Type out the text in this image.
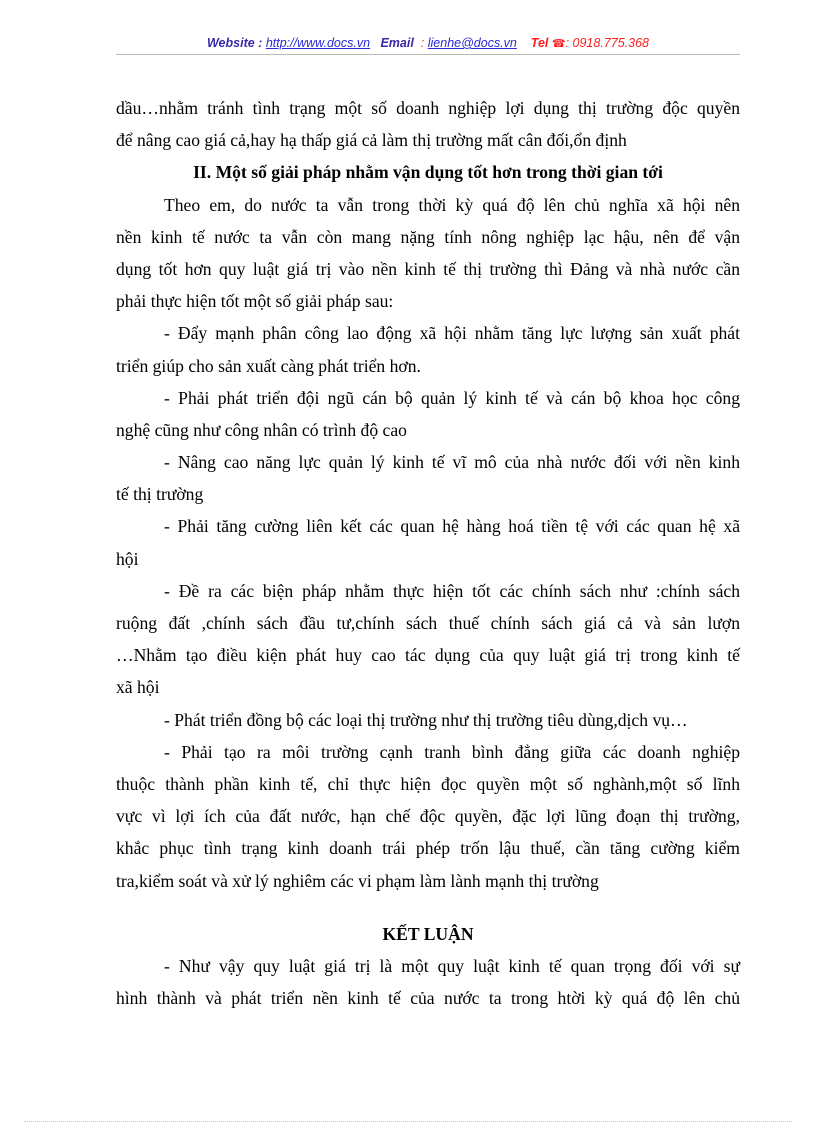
Website : http://www.docs.vn Email : lienhe@docs.vn Tel ☎: 0918.775.368
dầu…nhằm tránh tình trạng một số doanh nghiệp lợi dụng thị trường độc quyền
để nâng cao giá cả,hay hạ thấp giá cả làm thị trường mất cân đối,ổn định
II. Một số giải pháp nhằm vận dụng tốt hơn trong thời gian tới
Theo em, do nước ta vẫn trong thời kỳ quá độ lên chủ nghĩa xã hội nên
nền kinh tế nước ta vẫn còn mang nặng tính nông nghiệp lạc hậu, nên để vận
dụng tốt hơn quy luật giá trị vào nền kinh tế thị trường thì Đảng và nhà nước cần
phải thực hiện tốt một số giải pháp sau:
- Đẩy mạnh phân công lao động xã hội nhằm tăng lực lượng sản xuất phát
triển giúp cho sản xuất càng phát triển hơn.
- Phải phát triển đội ngũ cán bộ quản lý kinh tế và cán bộ khoa học công
nghệ cũng như công nhân có trình độ cao
- Nâng cao năng lực quản lý kinh tế vĩ mô của nhà nước đối với nền kinh
tế thị trường
- Phải tăng cường liên kết các quan hệ hàng hoá tiền tệ với các quan hệ xã
hội
- Đề ra các biện pháp nhằm thực hiện tốt các chính sách như :chính sách
ruộng đất ,chính sách đầu tư,chính sách thuế chính sách giá cả và sản lượn
…Nhằm tạo điều kiện phát huy cao tác dụng của quy luật giá trị trong kinh tế
xã hội
- Phát triển đồng bộ các loại thị trường như thị trường tiêu dùng,dịch vụ…
- Phải tạo ra môi trường cạnh tranh bình đẳng giữa các doanh nghiệp
thuộc thành phần kinh tế, chỉ thực hiện đọc quyền một số nghành,một số lĩnh
vực vì lợi ích của đất nước, hạn chế độc quyền, đặc lợi lũng đoạn thị trường,
khắc phục tình trạng kinh doanh trái phép trốn lậu thuế, cần tăng cường kiểm
tra,kiểm soát và xử lý nghiêm các vi phạm làm lành mạnh thị trường
KẾT LUẬN
- Như vậy quy luật giá trị là một quy luật kinh tế quan trọng đối với sự
hình thành và phát triển nền kinh tế của nước ta trong htời kỳ quá độ lên chủ
